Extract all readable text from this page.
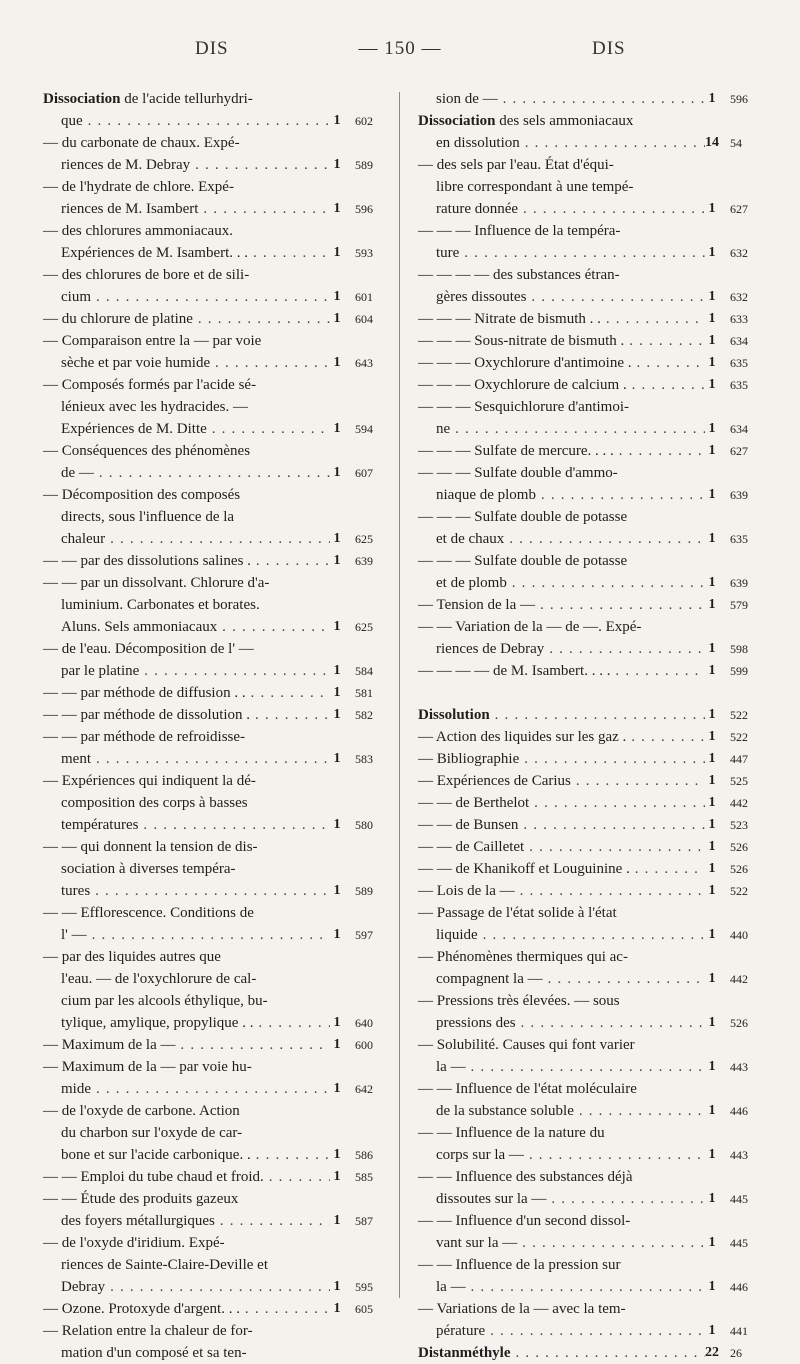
DIS	— 150 —	DIS
Dissociation de l'acide tellurhydri-
que . . .	1 602
— du carbonate de chaux. Expé-
riences de M. Debray . . .	1 589
— de l'hydrate de chlore. Expé-
riences de M. Isambert . . .	1 596
— des chlorures ammoniacaux.
Expériences de M. Isambert. . . . . .	1 593
— des chlorures de bore et de sili-
cium . . .	1 601
— du chlorure de platine . . .	1 604
— Comparaison entre la — par voie
sèche et par voie humide . . .	1 643
— Composés formés par l'acide sé-
lénieux avec les hydracides. —
Expériences de M. Ditte . . .	1 594
— Conséquences des phénomènes
de — . . .	1 607
— Décomposition des composés
directs, sous l'influence de la
chaleur . . .	1 625
— — par des dissolutions salines . . . .	1 639
— — par un dissolvant. Chlorure d'a-
luminium. Carbonates et borates.
Aluns. Sels ammoniacaux . . .	1 625
— de l'eau. Décomposition de l' —
par le platine . . .	1 584
— — par méthode de diffusion . . . . .	1 581
— — par méthode de dissolution . . . .	1 582
— — par méthode de refroidisse-
ment . . .	1 583
— Expériences qui indiquent la dé-
composition des corps à basses
températures . . .	1 580
— — qui donnent la tension de dis-
sociation à diverses tempéra-
tures . . .	1 589
— — Efflorescence. Conditions de
l' — . . .	1 597
— par des liquides autres que
l'eau. — de l'oxychlorure de cal-
cium par les alcools éthylique, bu-
tylique, amylique, propylique . . . . .	1 640
— Maximum de la — . . .	1 600
— Maximum de la — par voie hu-
mide . . .	1 642
— de l'oxyde de carbone. Action
du charbon sur l'oxyde de car-
bone et sur l'acide carbonique. . . . .	1 586
— — Emploi du tube chaud et froid. . . .	1 585
— — Étude des produits gazeux
des foyers métallurgiques . . .	1 587
— de l'oxyde d'iridium. Expé-
riences de Sainte-Claire-Deville et
Debray . . .	1 595
— Ozone. Protoxyde d'argent. . . . . .	1 605
— Relation entre la chaleur de for-
mation d'un composé et sa ten-
sion de — . . .	1 596
Dissociation des sels ammoniacaux
en dissolution . . .	14 54
— des sels par l'eau. État d'équi-
libre correspondant à une tempé-
rature donnée . . .	1 627
— — — Influence de la tempéra-
ture . . .	1 632
— — — — des substances étran-
gères dissoutes . . .	1 632
— — — Nitrate de bismuth . . . . .	1 633
— — — Sous-nitrate de bismuth . . . .	1 634
— — — Oxychlorure d'antimoine . . . .	1 635
— — — Oxychlorure de calcium . . . .	1 635
— — — Sesquichlorure d'antimoi-
ne . . .	1 634
— — — Sulfate de mercure. . . . . . .	1 627
— — — Sulfate double d'ammo-
niaque de plomb . . .	1 639
— — — Sulfate double de potasse
et de chaux . . .	1 635
— — — Sulfate double de potasse
et de plomb . . .	1 639
— Tension de la — . . .	1 579
— — Variation de la — de —. Expé-
riences de Debray . . .	1 598
— — — — de M. Isambert. . . . . . .	1 599
Dissolution . . .	1 522
— Action des liquides sur les gaz . . . .	1 522
— Bibliographie . . .	1 447
— Expériences de Carius . . .	1 525
— — de Berthelot . . .	1 442
— — de Bunsen . . .	1 523
— — de Cailletet . . .	1 526
— — de Khanikoff et Louguinine . . . .	1 526
— Lois de la — . . .	1 522
— Passage de l'état solide à l'état
liquide . . .	1 440
— Phénomènes thermiques qui ac-
compagnent la — . . .	1 442
— Pressions très élevées. — sous
pressions des . . .	1 526
— Solubilité. Causes qui font varier
la — . . .	1 443
— — Influence de l'état moléculaire
de la substance soluble . . .	1 446
— — Influence de la nature du
corps sur la — . . .	1 443
— — Influence des substances déjà
dissoutes sur la — . . .	1 445
— — Influence d'un second dissol-
vant sur la — . . .	1 445
— — Influence de la pression sur
la — . . .	1 446
— Variations de la — avec la tem-
pérature . . .	1 441
Distanméthyle . . .	22 26
